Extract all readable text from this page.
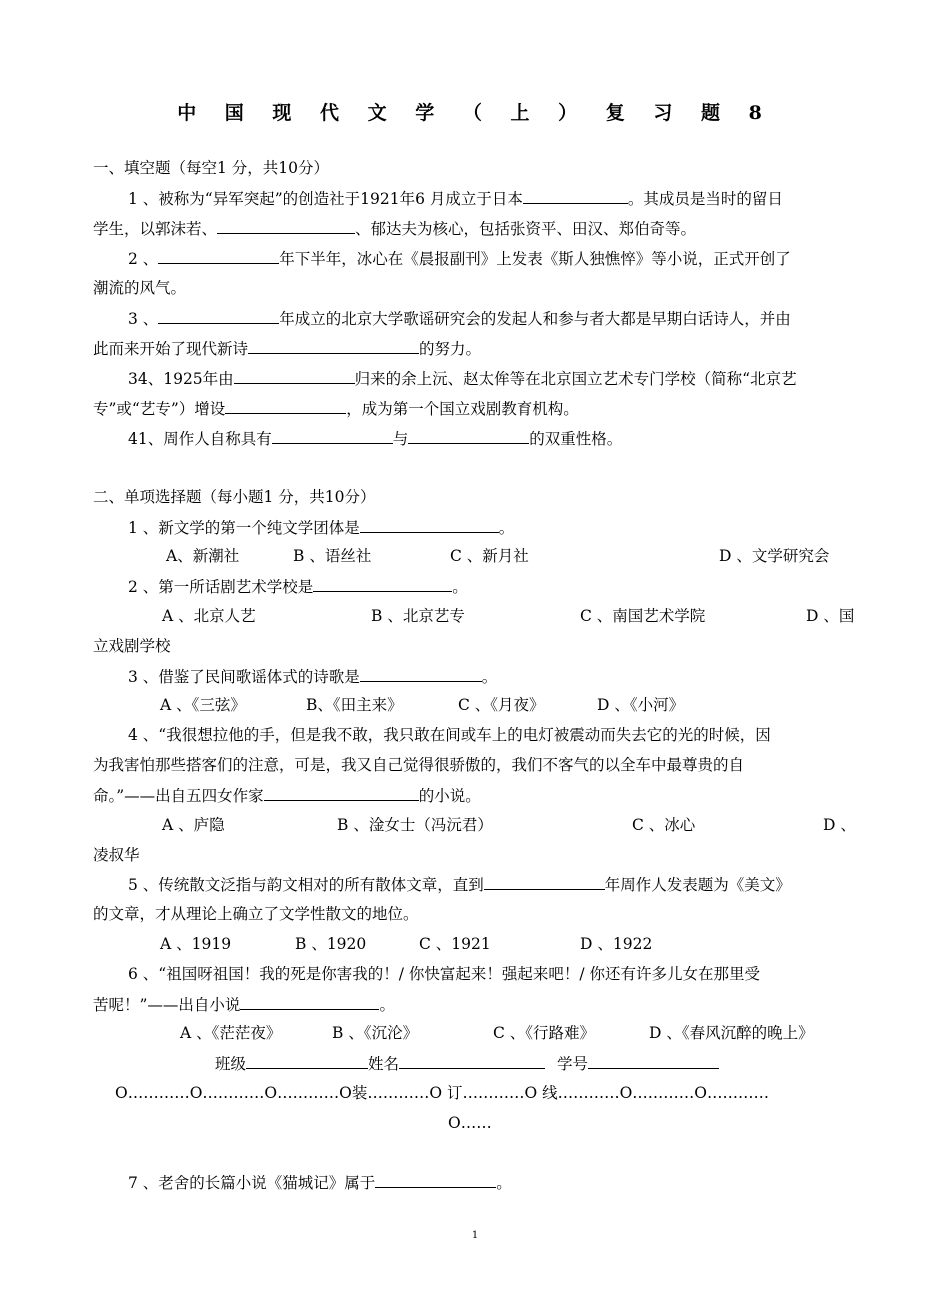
中 国 现 代 文 学 （ 上 ） 复 习 题 8
一、填空题（每空1 分，共10分）
1 、被称为“异军突起”的创造社于1921年6 月成立于日本	。其成员是当时的留日
学生，以郭沫若、	、郁达夫为核心，包括张资平、田汉、郑伯奇等。
2 、	年下半年，冰心在《晨报副刊》上发表《斯人独憔悴》等小说，正式开创了
潮流的风气。
3 、	年成立的北京大学歌谣研究会的发起人和参与者大都是早期白话诗人，并由
此而来开始了现代新诗	的努力。
34、1925年由	归来的余上沅、赵太侔等在北京国立艺术专门学校（简称“北京艺
专”或“艺专”）增设	，成为第一个国立戏剧教育机构。
41、周作人自称具有	与	的双重性格。
二、单项选择题（每小题1 分，共10分）
1 、新文学的第一个纯文学团体是	。
A、新潮社	B 、语丝社	C 、新月社	D 、文学研究会
2 、第一所话剧艺术学校是	。
A 、北京人艺	B 、北京艺专	C 、南国艺术学院	D 、国
立戏剧学校
3 、借鉴了民间歌谣体式的诗歌是	。
A 、《三弦》	B、《田主来》	C 、《月夜》	D 、《小河》
4 、“我很想拉他的手，但是我不敢，我只敢在间或车上的电灯被震动而失去它的光的时候，因
为我害怕那些搭客们的注意，可是，我又自己觉得很骄傲的，我们不客气的以全车中最尊贵的自
命。”——出自五四女作家	的小说。
A 、庐隐	B 、淦女士（冯沅君）	C 、冰心	D 、
凌叔华
5 、传统散文泛指与韵文相对的所有散体文章，直到	年周作人发表题为《美文》
的文章，才从理论上确立了文学性散文的地位。
A 、1919	B 、1920	C 、1921	D 、1922
6 、“祖国呀祖国！我的死是你害我的！/ 你快富起来！强起来吧！/ 你还有许多儿女在那里受
苦呢！”——出自小说	。
A 、《茫茫夜》	B 、《沉沦》	C 、《行路难》	D 、《春风沉醉的晚上》
班级	姓名	学号
O…………O…………O…………O装…………O 订…………O 线…………O…………O…………
O……
7 、老舍的长篇小说《猫城记》属于	。
1
